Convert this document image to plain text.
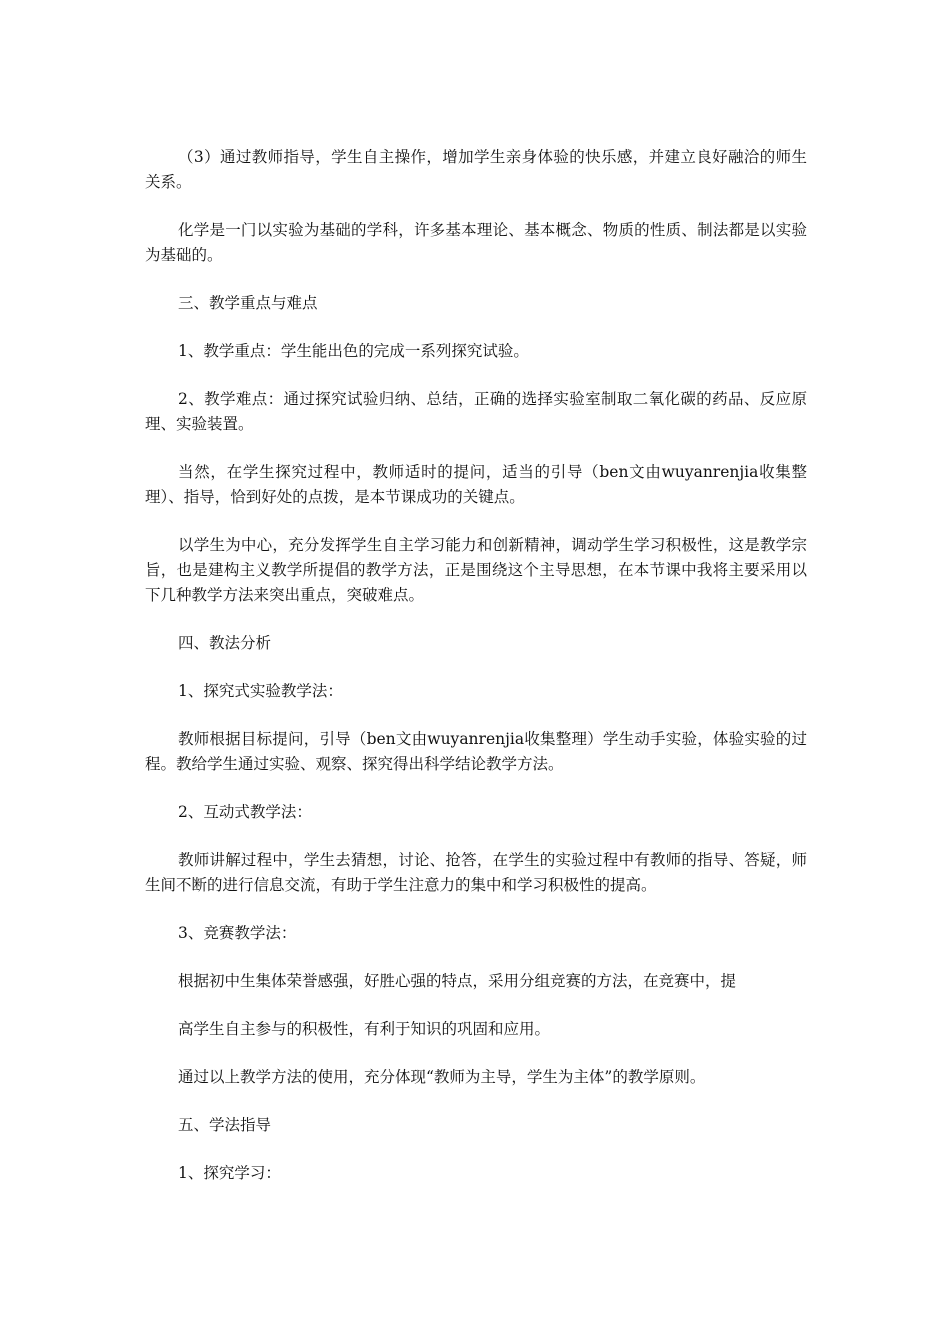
（3）通过教师指导，学生自主操作，增加学生亲身体验的快乐感，并建立良好融洽的师生关系。

化学是一门以实验为基础的学科，许多基本理论、基本概念、物质的性质、制法都是以实验为基础的。

三、教学重点与难点

1、教学重点：学生能出色的完成一系列探究试验。

2、教学难点：通过探究试验归纳、总结，正确的选择实验室制取二氧化碳的药品、反应原理、实验装置。

当然，在学生探究过程中，教师适时的提问，适当的引导（ben文由wuyanrenjia收集整理）、指导，恰到好处的点拨，是本节课成功的关键点。

以学生为中心，充分发挥学生自主学习能力和创新精神，调动学生学习积极性，这是教学宗旨，也是建构主义教学所提倡的教学方法，正是围绕这个主导思想，在本节课中我将主要采用以下几种教学方法来突出重点，突破难点。

四、教法分析

1、探究式实验教学法：

教师根据目标提问，引导（ben文由wuyanrenjia收集整理）学生动手实验，体验实验的过程。教给学生通过实验、观察、探究得出科学结论教学方法。

2、互动式教学法：

教师讲解过程中，学生去猜想，讨论、抢答，在学生的实验过程中有教师的指导、答疑，师生间不断的进行信息交流，有助于学生注意力的集中和学习积极性的提高。

3、竞赛教学法：

根据初中生集体荣誉感强，好胜心强的特点，采用分组竞赛的方法，在竞赛中，提

高学生自主参与的积极性，有利于知识的巩固和应用。

通过以上教学方法的使用，充分体现“教师为主导，学生为主体”的教学原则。

五、学法指导

1、探究学习：
